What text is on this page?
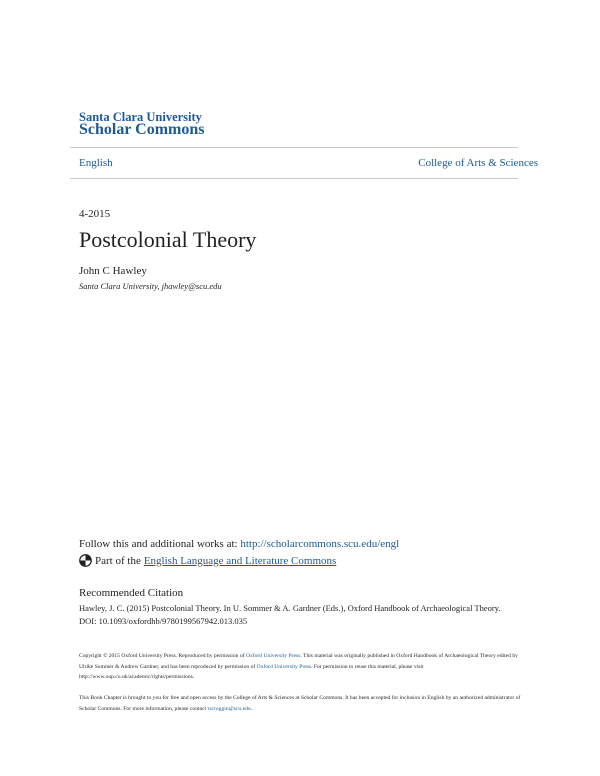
Santa Clara University
Scholar Commons
English	College of Arts & Sciences
4-2015
Postcolonial Theory
John C Hawley
Santa Clara University, jhawley@scu.edu
Follow this and additional works at: http://scholarcommons.scu.edu/engl
Part of the English Language and Literature Commons
Recommended Citation
Hawley, J. C. (2015) Postcolonial Theory. In U. Sommer & A. Gardner (Eds.), Oxford Handbook of Archaeological Theory. DOI: 10.1093/oxfordhb/9780199567942.013.035
Copyright © 2015 Oxford University Press. Reproduced by permission of Oxford University Press. This material was originally published in Oxford Handbook of Archaeological Theory edited by Ulrike Sommer & Andrew Gardner, and has been reproduced by permission of Oxford University Press. For permission to reuse this material, please visit http://www.oup.co.uk/academic/rights/permissions.
This Book Chapter is brought to you for free and open access by the College of Arts & Sciences at Scholar Commons. It has been accepted for inclusion in English by an authorized administrator of Scholar Commons. For more information, please contact rscroggin@scu.edu.
